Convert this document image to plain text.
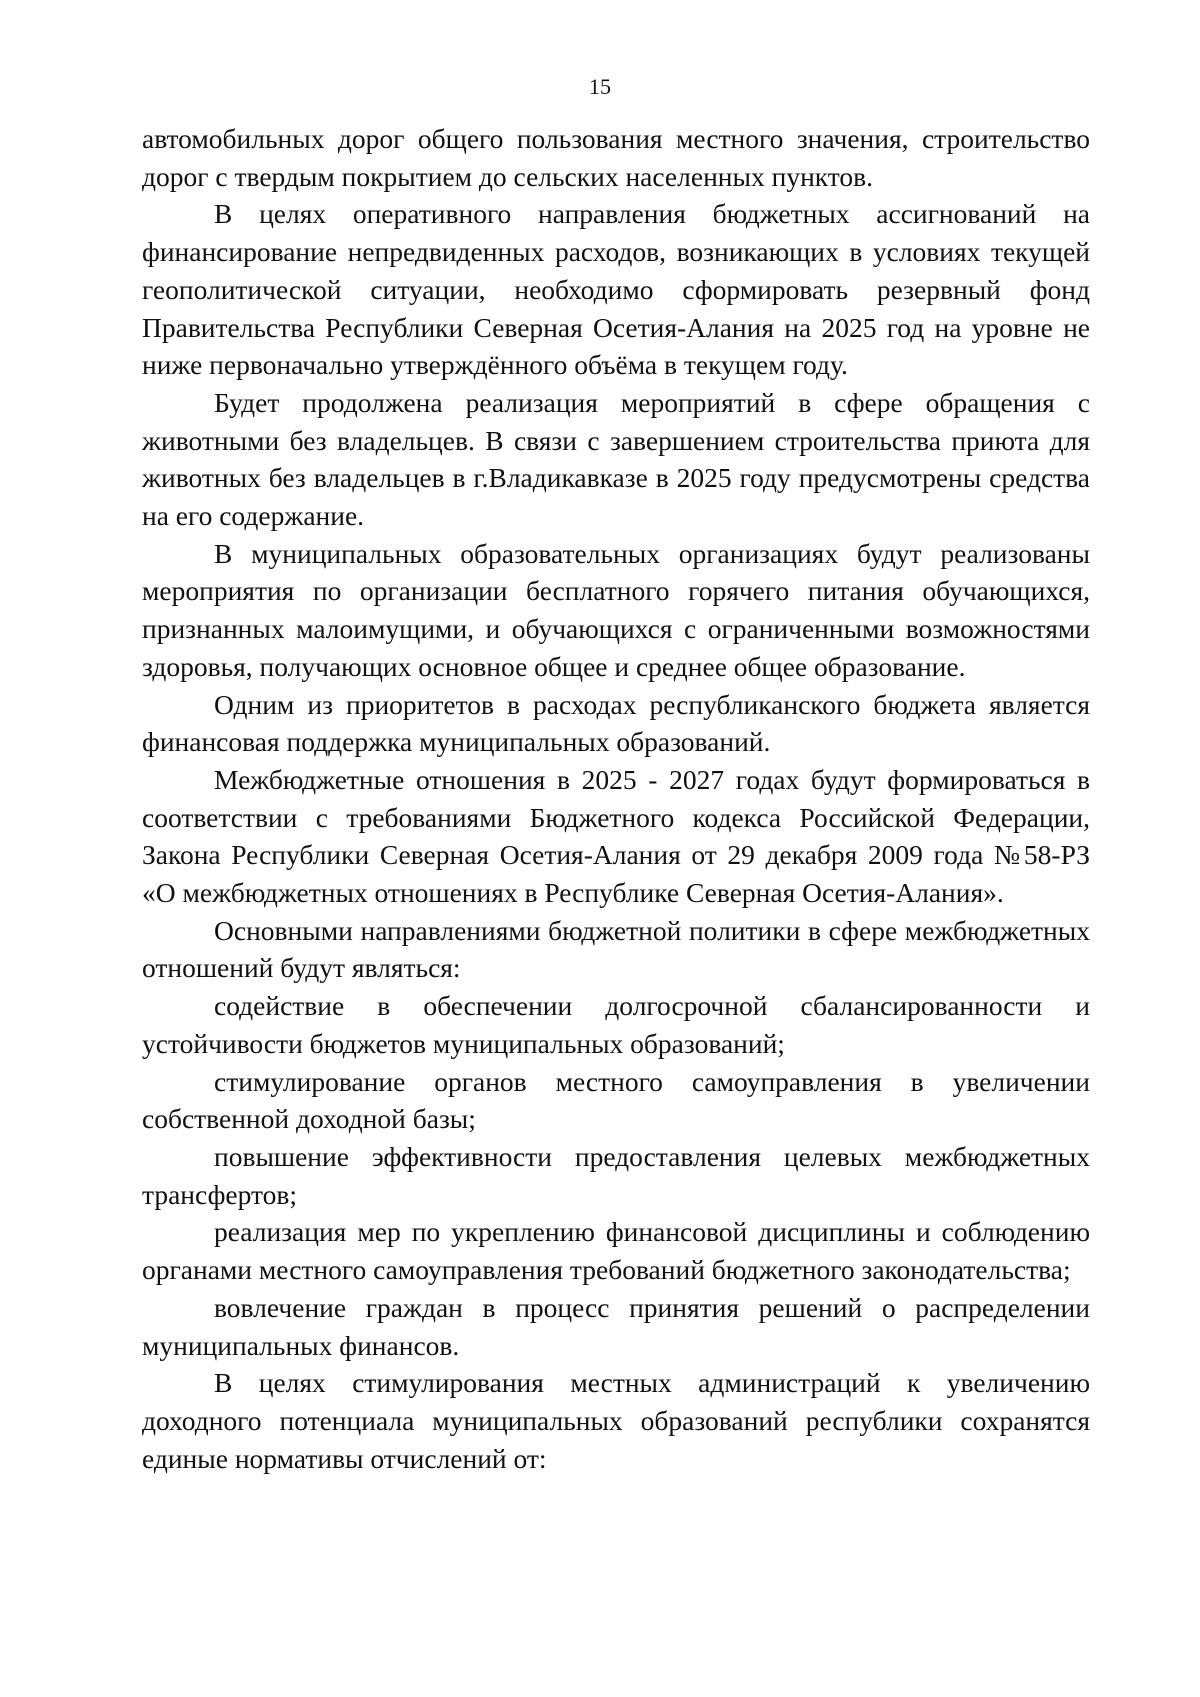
15

автомобильных дорог общего пользования местного значения, строительство дорог с твердым покрытием до сельских населенных пунктов.

В целях оперативного направления бюджетных ассигнований на финансирование непредвиденных расходов, возникающих в условиях текущей геополитической ситуации, необходимо сформировать резервный фонд Правительства Республики Северная Осетия-Алания на 2025 год на уровне не ниже первоначально утверждённого объёма в текущем году.

Будет продолжена реализация мероприятий в сфере обращения с животными без владельцев. В связи с завершением строительства приюта для животных без владельцев в г.Владикавказе в 2025 году предусмотрены средства на его содержание.

В муниципальных образовательных организациях будут реализованы мероприятия по организации бесплатного горячего питания обучающихся, признанных малоимущими, и обучающихся с ограниченными возможностями здоровья, получающих основное общее и среднее общее образование.

Одним из приоритетов в расходах республиканского бюджета является финансовая поддержка муниципальных образований.

Межбюджетные отношения в 2025 - 2027 годах будут формироваться в соответствии с требованиями Бюджетного кодекса Российской Федерации, Закона Республики Северная Осетия-Алания от 29 декабря 2009 года №58-РЗ «О межбюджетных отношениях в Республике Северная Осетия-Алания».

Основными направлениями бюджетной политики в сфере межбюджетных отношений будут являться:

содействие в обеспечении долгосрочной сбалансированности и устойчивости бюджетов муниципальных образований;

стимулирование органов местного самоуправления в увеличении собственной доходной базы;

повышение эффективности предоставления целевых межбюджетных трансфертов;

реализация мер по укреплению финансовой дисциплины и соблюдению органами местного самоуправления требований бюджетного законодательства;

вовлечение граждан в процесс принятия решений о распределении муниципальных финансов.

В целях стимулирования местных администраций к увеличению доходного потенциала муниципальных образований республики сохранятся единые нормативы отчислений от:
